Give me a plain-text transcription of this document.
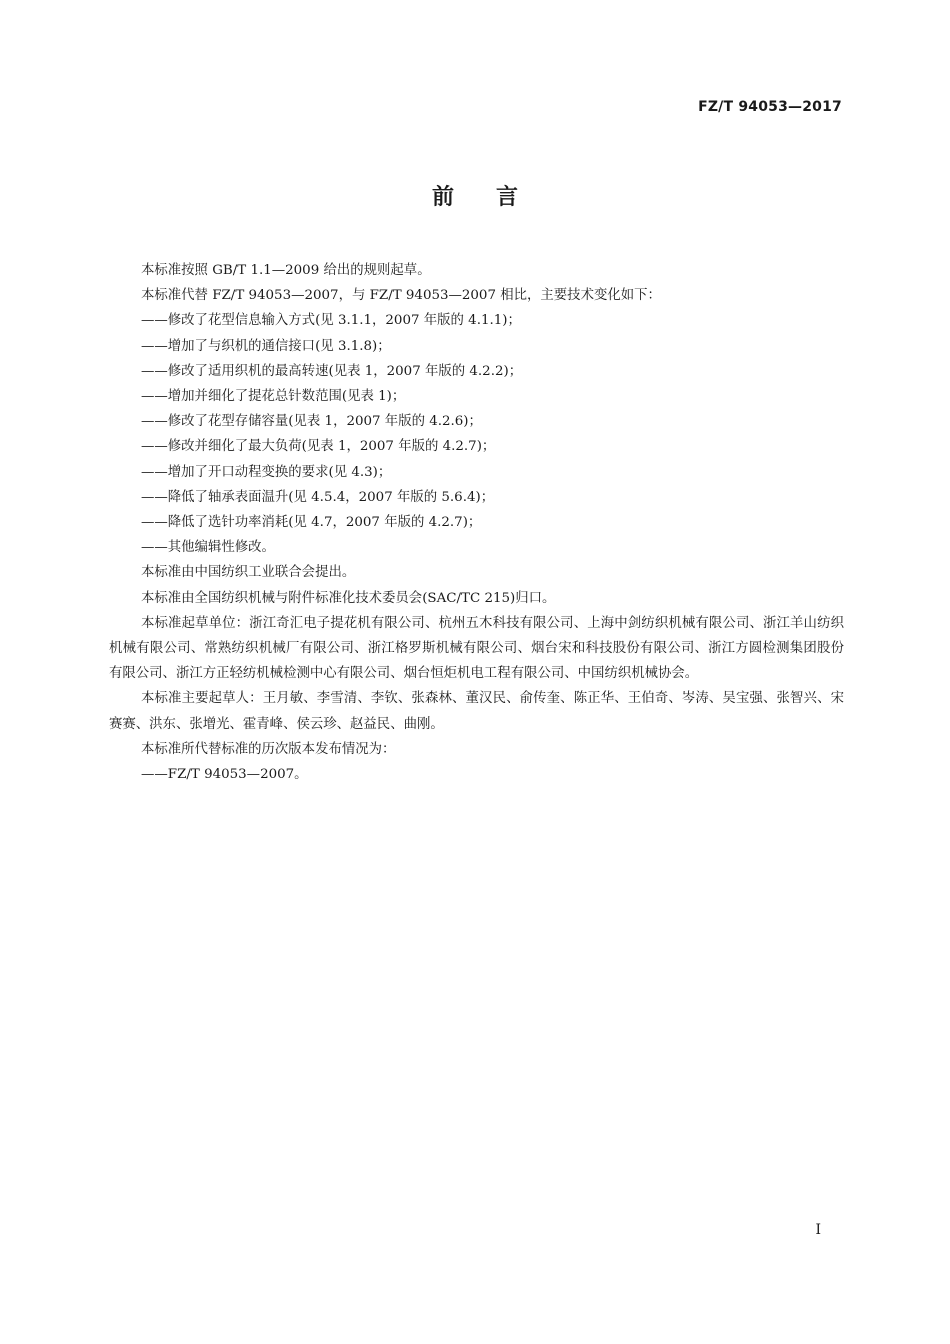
FZ/T 94053—2017
前言

本标准按照 GB/T 1.1—2009 给出的规则起草。

本标准代替 FZ/T 94053—2007，与 FZ/T 94053—2007 相比，主要技术变化如下：

——修改了花型信息输入方式(见 3.1.1，2007 年版的 4.1.1)；

——增加了与织机的通信接口(见 3.1.8)；

——修改了适用织机的最高转速(见表 1，2007 年版的 4.2.2)；

——增加并细化了提花总针数范围(见表 1)；

——修改了花型存储容量(见表 1，2007 年版的 4.2.6)；

——修改并细化了最大负荷(见表 1，2007 年版的 4.2.7)；

——增加了开口动程变换的要求(见 4.3)；

——降低了轴承表面温升(见 4.5.4，2007 年版的 5.6.4)；

——降低了选针功率消耗(见 4.7，2007 年版的 4.2.7)；

——其他编辑性修改。

本标准由中国纺织工业联合会提出。

本标准由全国纺织机械与附件标准化技术委员会(SAC/TC 215)归口。

本标准起草单位：浙江奇汇电子提花机有限公司、杭州五木科技有限公司、上海中剑纺织机械有限公司、浙江羊山纺织机械有限公司、常熟纺织机械厂有限公司、浙江格罗斯机械有限公司、烟台宋和科技股份有限公司、浙江方圆检测集团股份有限公司、浙江方正轻纺机械检测中心有限公司、烟台恒炬机电工程有限公司、中国纺织机械协会。

本标准主要起草人：王月敏、李雪清、李钦、张森林、董汉民、俞传奎、陈正华、王伯奇、岑涛、吴宝强、张智兴、宋赛赛、洪东、张增光、霍青峰、侯云珍、赵益民、曲刚。

本标准所代替标准的历次版本发布情况为：

——FZ/T 94053—2007。

I
